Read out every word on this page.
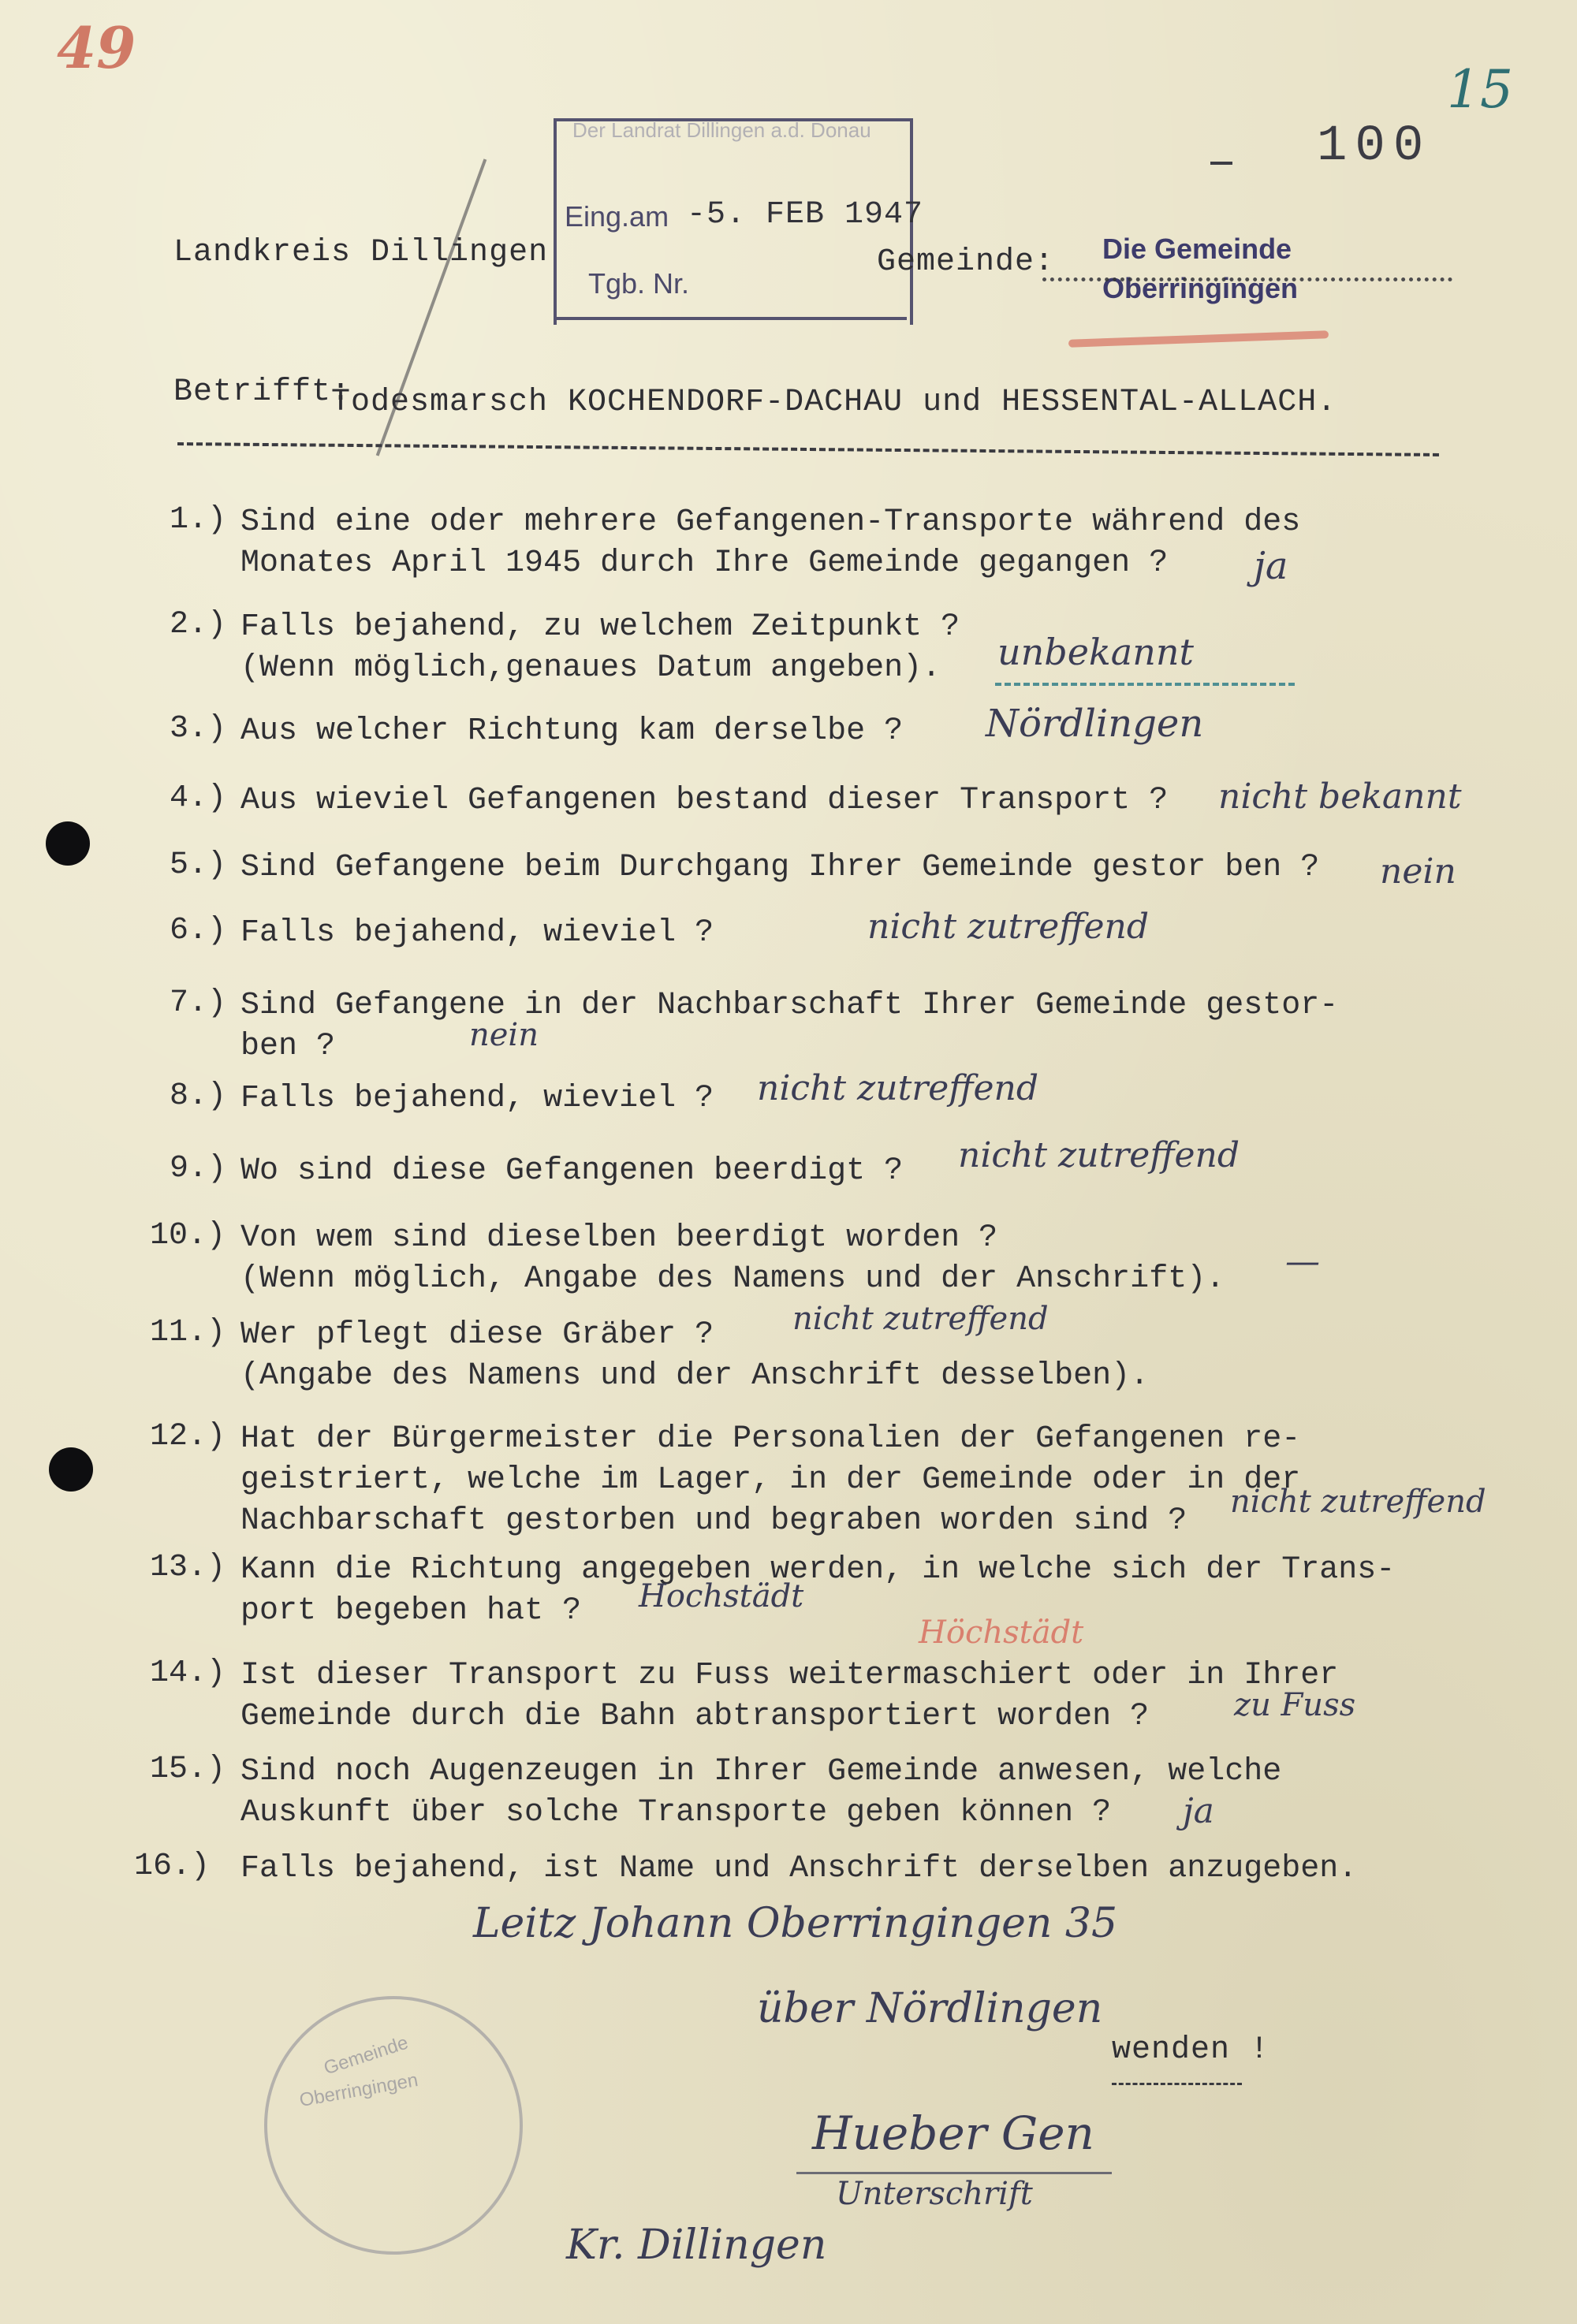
49
15
100
Der Landrat Dillingen a.d. Donau
Eing.am -5. FEB 1947
Tgb. Nr.
Landkreis Dillingen	Gemeinde: Die Gemeinde
Oberringingen
Betrifft:
Todesmarsch KOCHENDORF-DACHAU und HESSENTAL-ALLACH.
1.) Sind eine oder mehrere Gefangenen-Transporte während des
Monates April 1945 durch Ihre Gemeinde gegangen ?	ja
2.) Falls bejahend, zu welchem Zeitpunkt ?
(Wenn möglich,genaues Datum angeben).	unbekannt
3.) Aus welcher Richtung kam derselbe ? Nördlingen
4.) Aus wieviel Gefangenen bestand dieser Transport ? nicht bekannt
5.) Sind Gefangene beim Durchgang Ihrer Gemeinde gestor ben ? nein
6.) Falls bejahend, wieviel ?	nicht zutreffend
7.) Sind Gefangene in der Nachbarschaft Ihrer Gemeinde gestor-
ben ?	nein
8.) Falls bejahend, wieviel ? nicht zutreffend
9.) Wo sind diese Gefangenen beerdigt ? nicht zutreffend
10.) Von wem sind dieselben beerdigt worden ?
(Wenn möglich, Angabe des Namens und der Anschrift). —
11.) Wer pflegt diese Gräber ?
(Angabe des Namens und der Anschrift desselben).
nicht zutreffend
12.) Hat der Bürgermeister die Personalien der Gefangenen re-
geistriert, welche im Lager, in der Gemeinde oder in der
Nachbarschaft gestorben und begraben worden sind ?
nicht zutreffend
13.) Kann die Richtung angegeben werden, in welche sich der Trans-
port begeben hat ?	Hochstädt
Höchstädt
14.) Ist dieser Transport zu Fuss weitermaschiert oder in Ihrer
Gemeinde durch die Bahn abtransportiert worden ?	zu Fuss
15.) Sind noch Augenzeugen in Ihrer Gemeinde anwesen, welche
Auskunft über solche Transporte geben können ?	ja
16.) Falls bejahend, ist Name und Anschrift derselben anzugeben.
Leitz Johann Oberringingen 35
über Nördlingen
wenden !
Gemeinde
Oberringingen
Hueber Gen
Unterschrift
Kr. Dillingen
